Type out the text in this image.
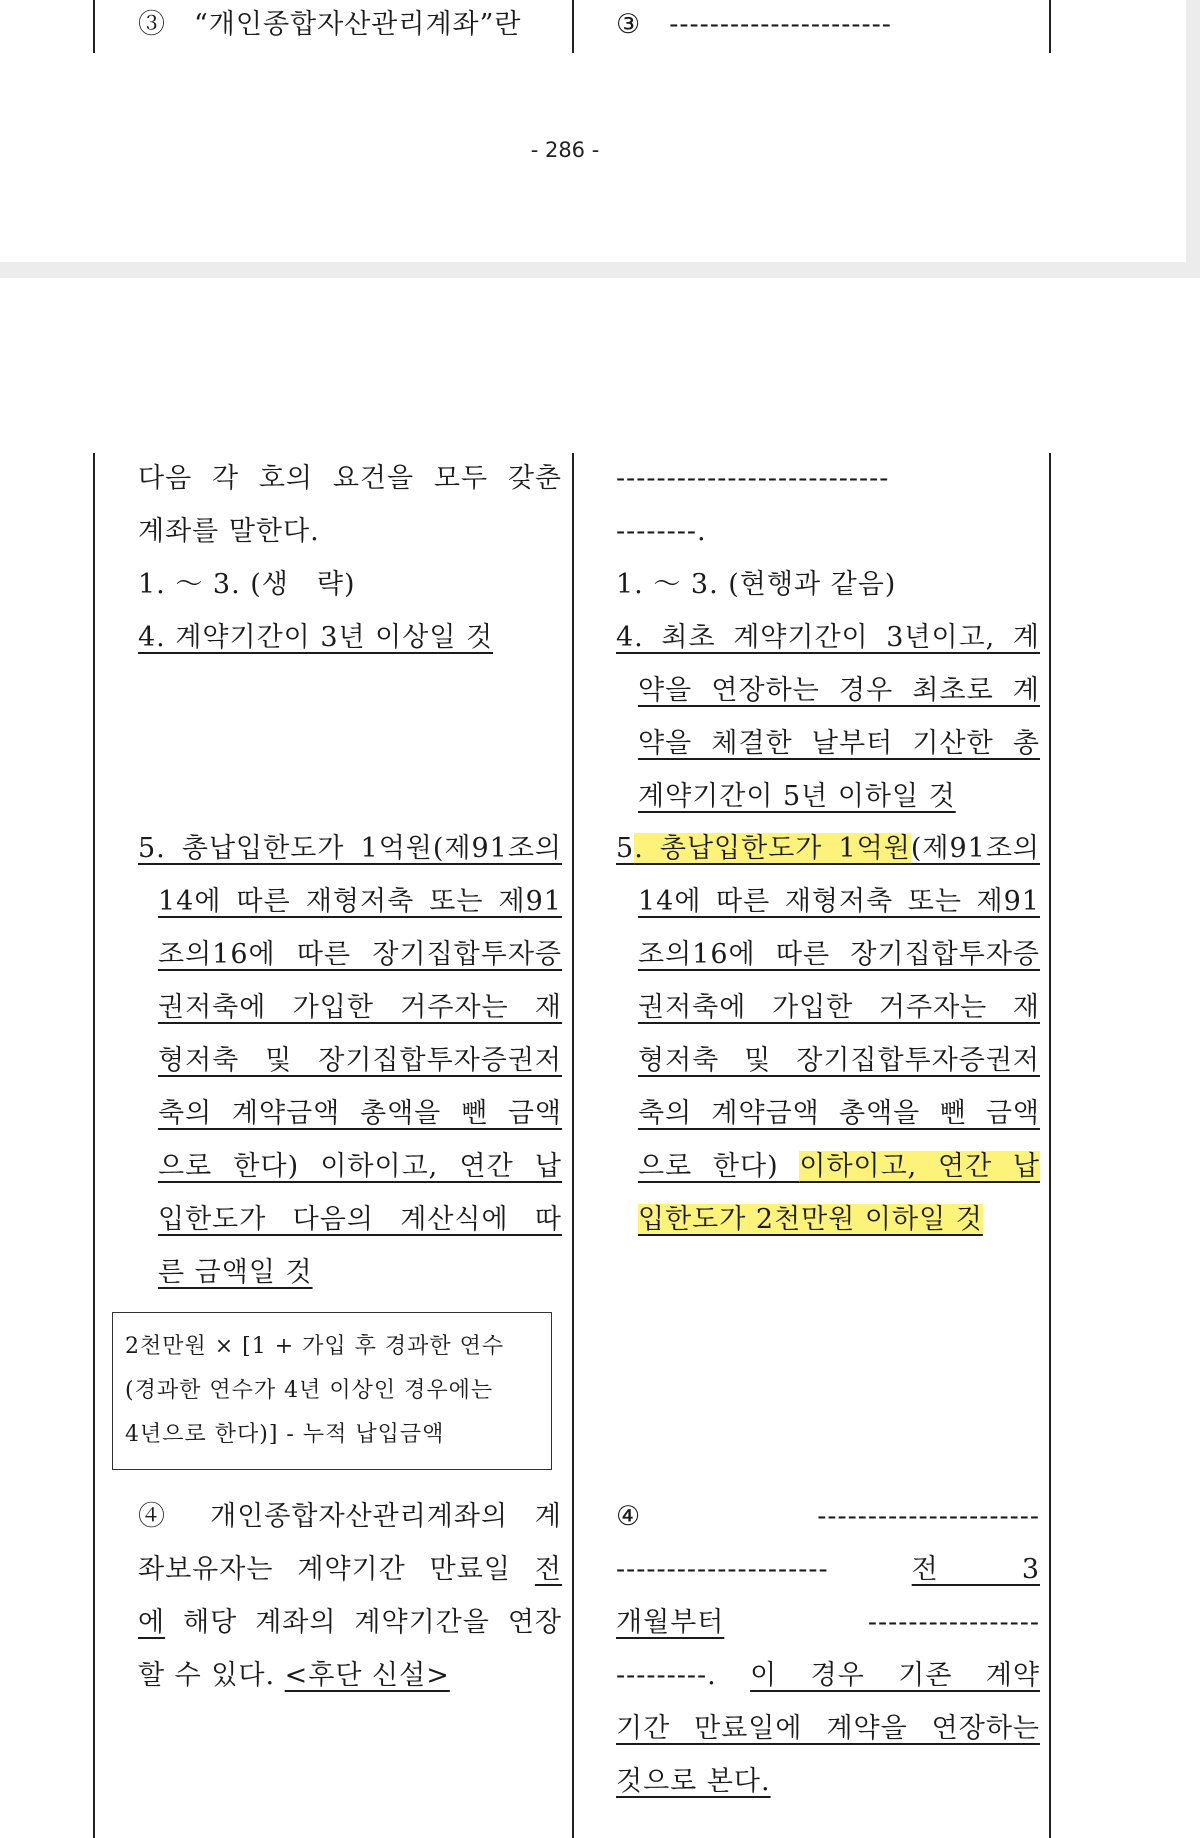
③　“개인종합자산관리계좌”란	③　----------------------
- 286 -
다음 각 호의 요건을 모두 갖춘
계좌를 말한다.
1. ～ 3. (생　략)
4. 계약기간이 3년 이상일 것
5. 총납입한도가 1억원(제91조의
14에 따른 재형저축 또는 제91
조의16에 따른 장기집합투자증
권저축에 가입한 거주자는 재
형저축 및 장기집합투자증권저
축의 계약금액 총액을 뺀 금액
으로 한다) 이하이고, 연간 납
입한도가 다음의 계산식에 따
른 금액일 것
2천만원 × [1 + 가입 후 경과한 연수
(경과한 연수가 4년 이상인 경우에는
4년으로 한다)] - 누적 납입금액
④ 개인종합자산관리계좌의 계
좌보유자는 계약기간 만료일 전
에 해당 계좌의 계약기간을 연장
할 수 있다. <후단 신설>
---------------------------
--------.
1. ～ 3. (현행과 같음)
4. 최초 계약기간이 3년이고, 계
약을 연장하는 경우 최초로 계
약을 체결한 날부터 기산한 총
계약기간이 5년 이하일 것
5. 총납입한도가 1억원(제91조의
14에 따른 재형저축 또는 제91
조의16에 따른 장기집합투자증
권저축에 가입한 거주자는 재
형저축 및 장기집합투자증권저
축의 계약금액 총액을 뺀 금액
으로 한다) 이하이고, 연간 납
입한도가 2천만원 이하일 것
④ ----------------------
--------------------- 전 3
개월부터 -----------------
---------. 이 경우 기존 계약
기간 만료일에 계약을 연장하는
것으로 본다.
